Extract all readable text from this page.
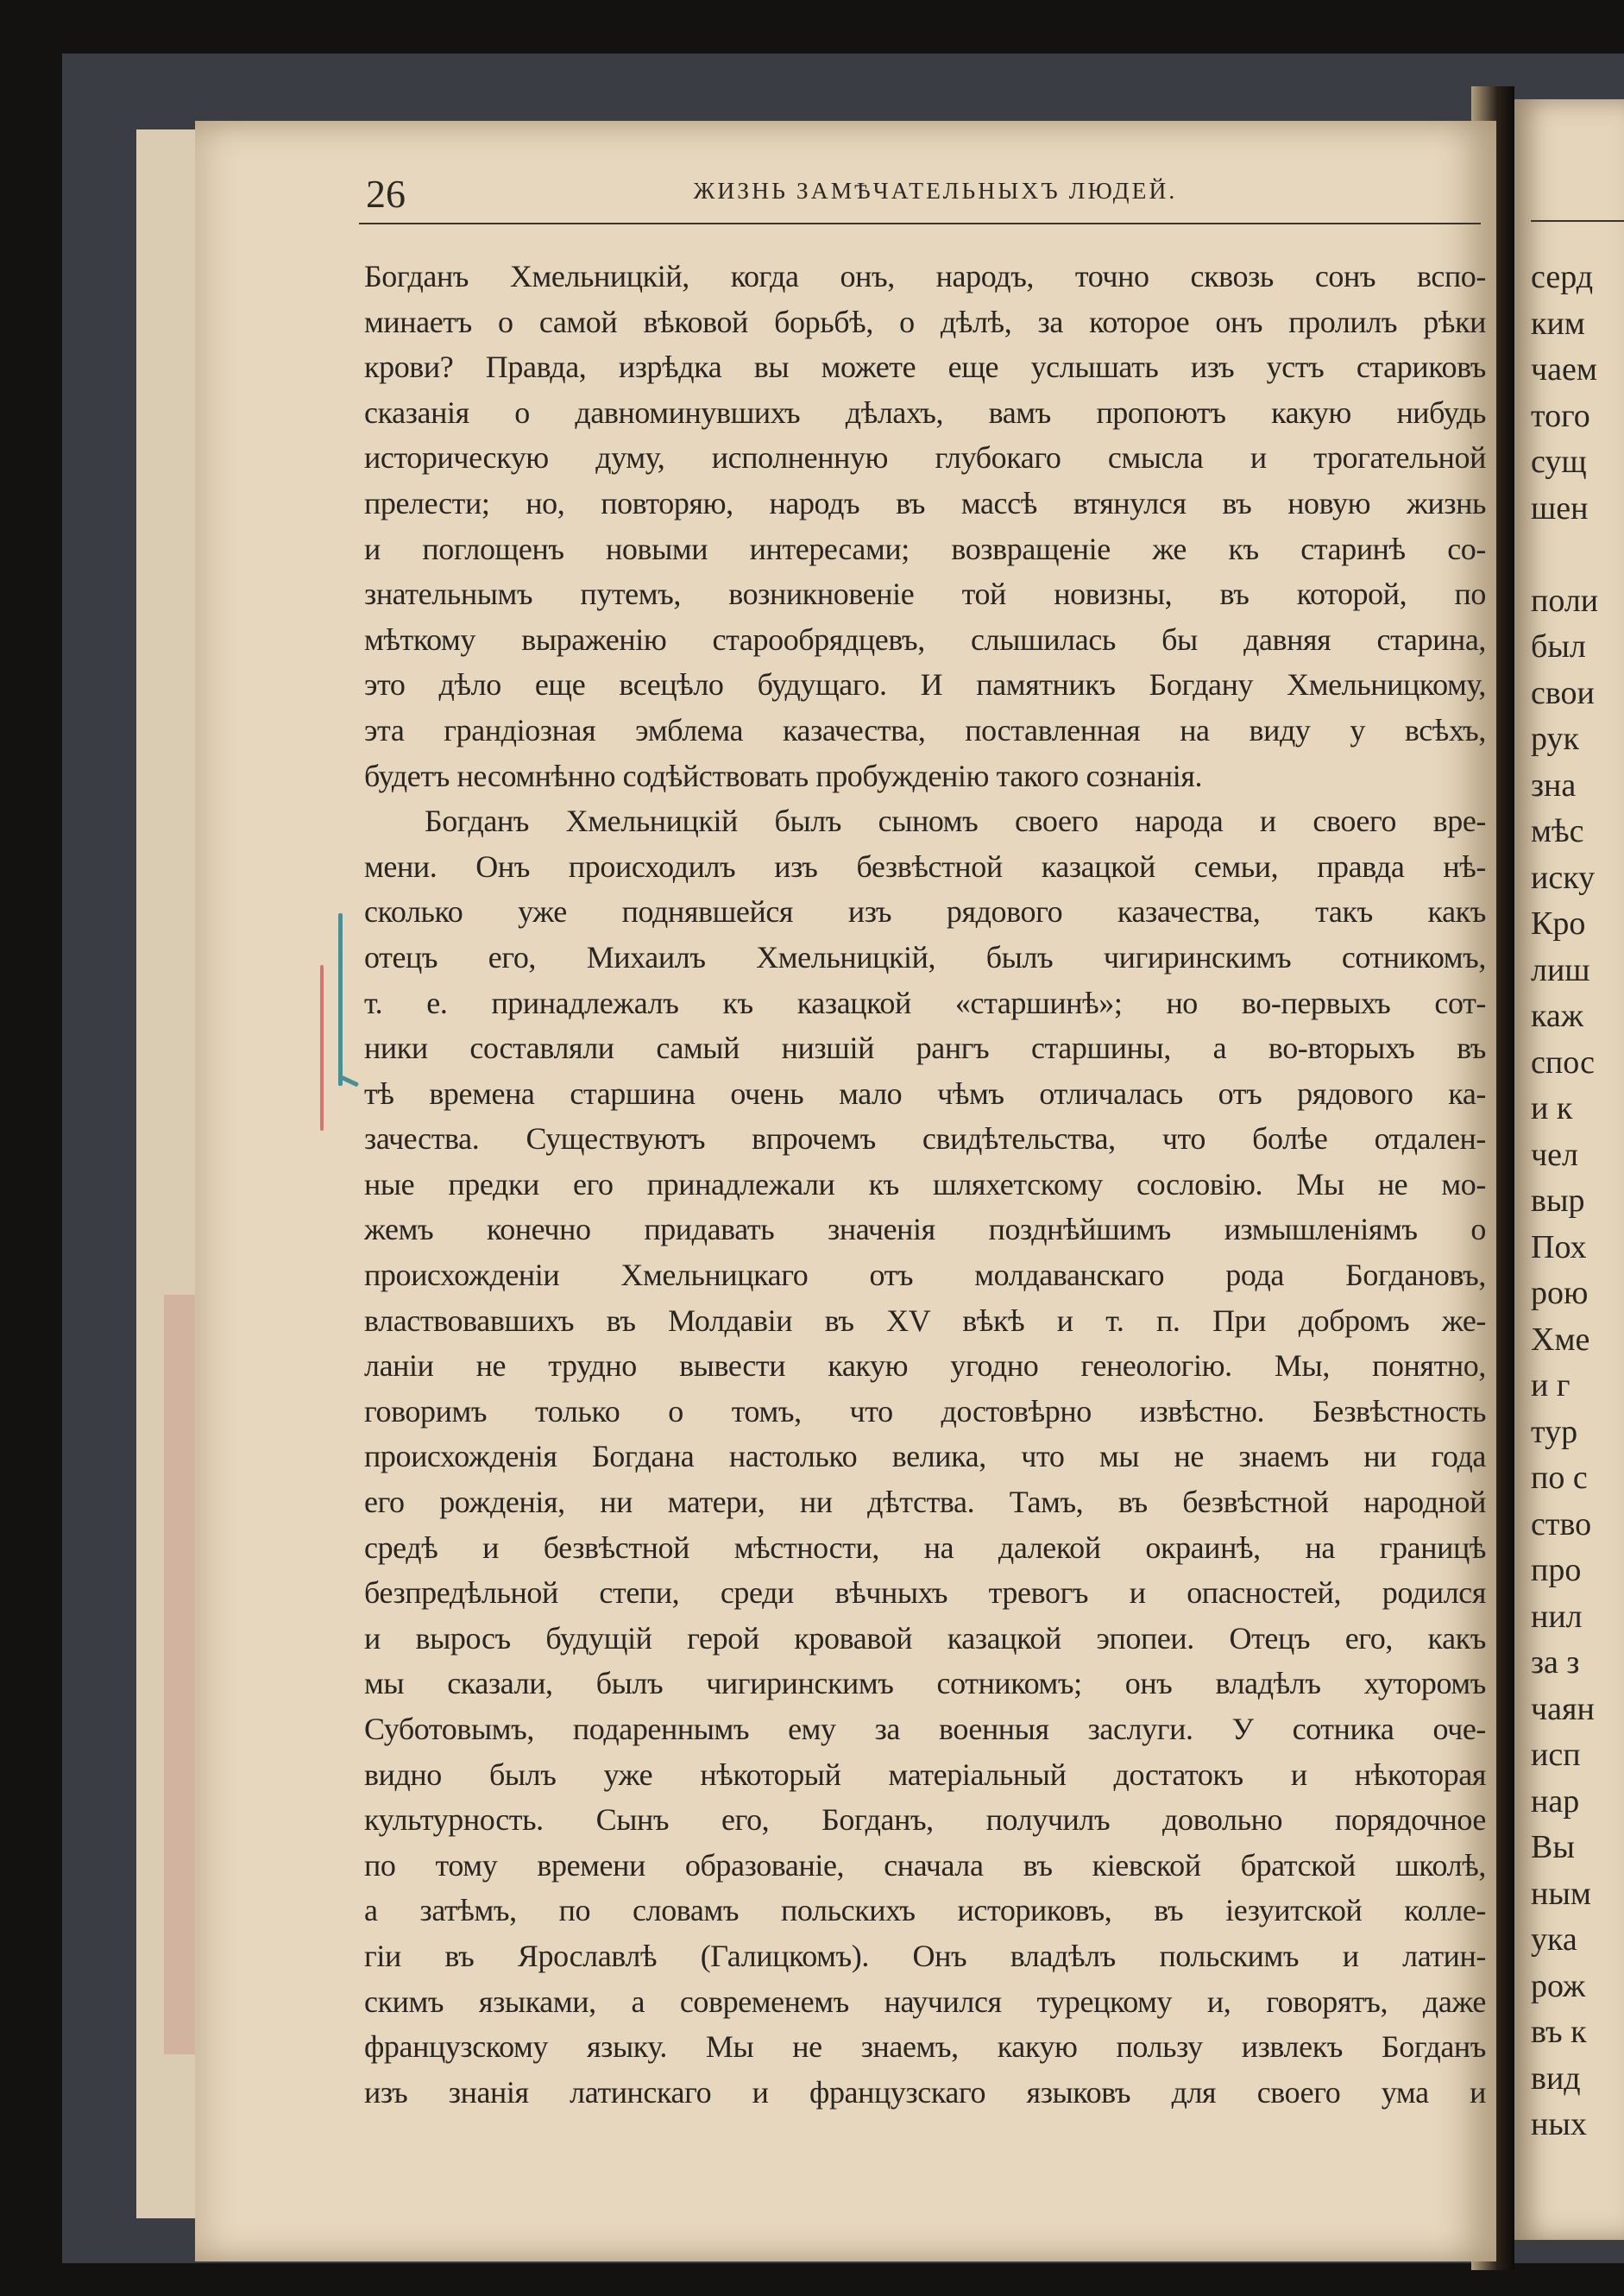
серд
ким
чаем
того
сущ
шен
поли
был
свои
рук
зна
мѣс
иску
Кро
лиш
каж
спос
и к
чел
выр
Пох
рою
Хме
и г
тур
по с
ство
прo
нил
за з
чаян
исп
нар
Вы
ным
ука
рож
въ к
вид
ных
26	ЖИЗНЬ ЗАМѢЧАТЕЛЬНЫХЪ ЛЮДЕЙ.
Богданъ Хмельницкій, когда онъ, народъ, точно сквозь сонъ вспо-
минаетъ о самой вѣковой борьбѣ, о дѣлѣ, за которое онъ пролилъ рѣки
крови? Правда, изрѣдка вы можете еще услышать изъ устъ стариковъ
сказанія о давноминувшихъ дѣлахъ, вамъ пропоютъ какую нибудь
историческую думу, исполненную глубокаго смысла и трогательной
прелести; но, повторяю, народъ въ массѣ втянулся въ новую жизнь
и поглощенъ новыми интересами; возвращеніе же къ старинѣ со-
знательнымъ путемъ, возникновеніе той новизны, въ которой, по
мѣткому выраженію старообрядцевъ, слышилась бы давняя старина,
это дѣло еще всецѣло будущаго. И памятникъ Богдану Хмельницкому,
эта грандіозная эмблема казачества, поставленная на виду у всѣхъ,
будетъ несомнѣнно содѣйствовать пробужденію такого сознанія.
Богданъ Хмельницкій былъ сыномъ своего народа и своего вре-
мени. Онъ происходилъ изъ безвѣстной казацкой семьи, правда нѣ-
сколько уже поднявшейся изъ рядового казачества, такъ какъ
отецъ его, Михаилъ Хмельницкій, былъ чигиринскимъ сотникомъ,
т. е. принадлежалъ къ казацкой «старшинѣ»; но во-первыхъ сот-
ники составляли самый низшій рангъ старшины, а во-вторыхъ въ
тѣ времена старшина очень мало чѣмъ отличалась отъ рядового ка-
зачества. Существуютъ впрочемъ свидѣтельства, что болѣе отдален-
ные предки его принадлежали къ шляхетскому сословію. Мы не мо-
жемъ конечно придавать значенія позднѣйшимъ измышленіямъ о
происхожденіи Хмельницкаго отъ молдаванскаго рода Богдановъ,
властвовавшихъ въ Молдавіи въ XV вѣкѣ и т. п. При добромъ же-
ланіи не трудно вывести какую угодно генеологію. Мы, понятно,
говоримъ только о томъ, что достовѣрно извѣстно. Безвѣстность
происхожденія Богдана настолько велика, что мы не знаемъ ни года
его рожденія, ни матери, ни дѣтства. Тамъ, въ безвѣстной народной
средѣ и безвѣстной мѣстности, на далекой окраинѣ, на границѣ
безпредѣльной степи, среди вѣчныхъ тревогъ и опасностей, родился
и выросъ будущій герой кровавой казацкой эпопеи. Отецъ его, какъ
мы сказали, былъ чигиринскимъ сотникомъ; онъ владѣлъ хуторомъ
Суботовымъ, подареннымъ ему за военныя заслуги. У сотника оче-
видно былъ уже нѣкоторый матеріальный достатокъ и нѣкоторая
культурность. Сынъ его, Богданъ, получилъ довольно порядочное
по тому времени образованіе, сначала въ кіевской братской школѣ,
а затѣмъ, по словамъ польскихъ историковъ, въ іезуитской колле-
гіи въ Ярославлѣ (Галицкомъ). Онъ владѣлъ польскимъ и латин-
скимъ языками, а современемъ научился турецкому и, говорятъ, даже
французскому языку. Мы не знаемъ, какую пользу извлекъ Богданъ
изъ знанія латинскаго и французскаго языковъ для своего ума и
